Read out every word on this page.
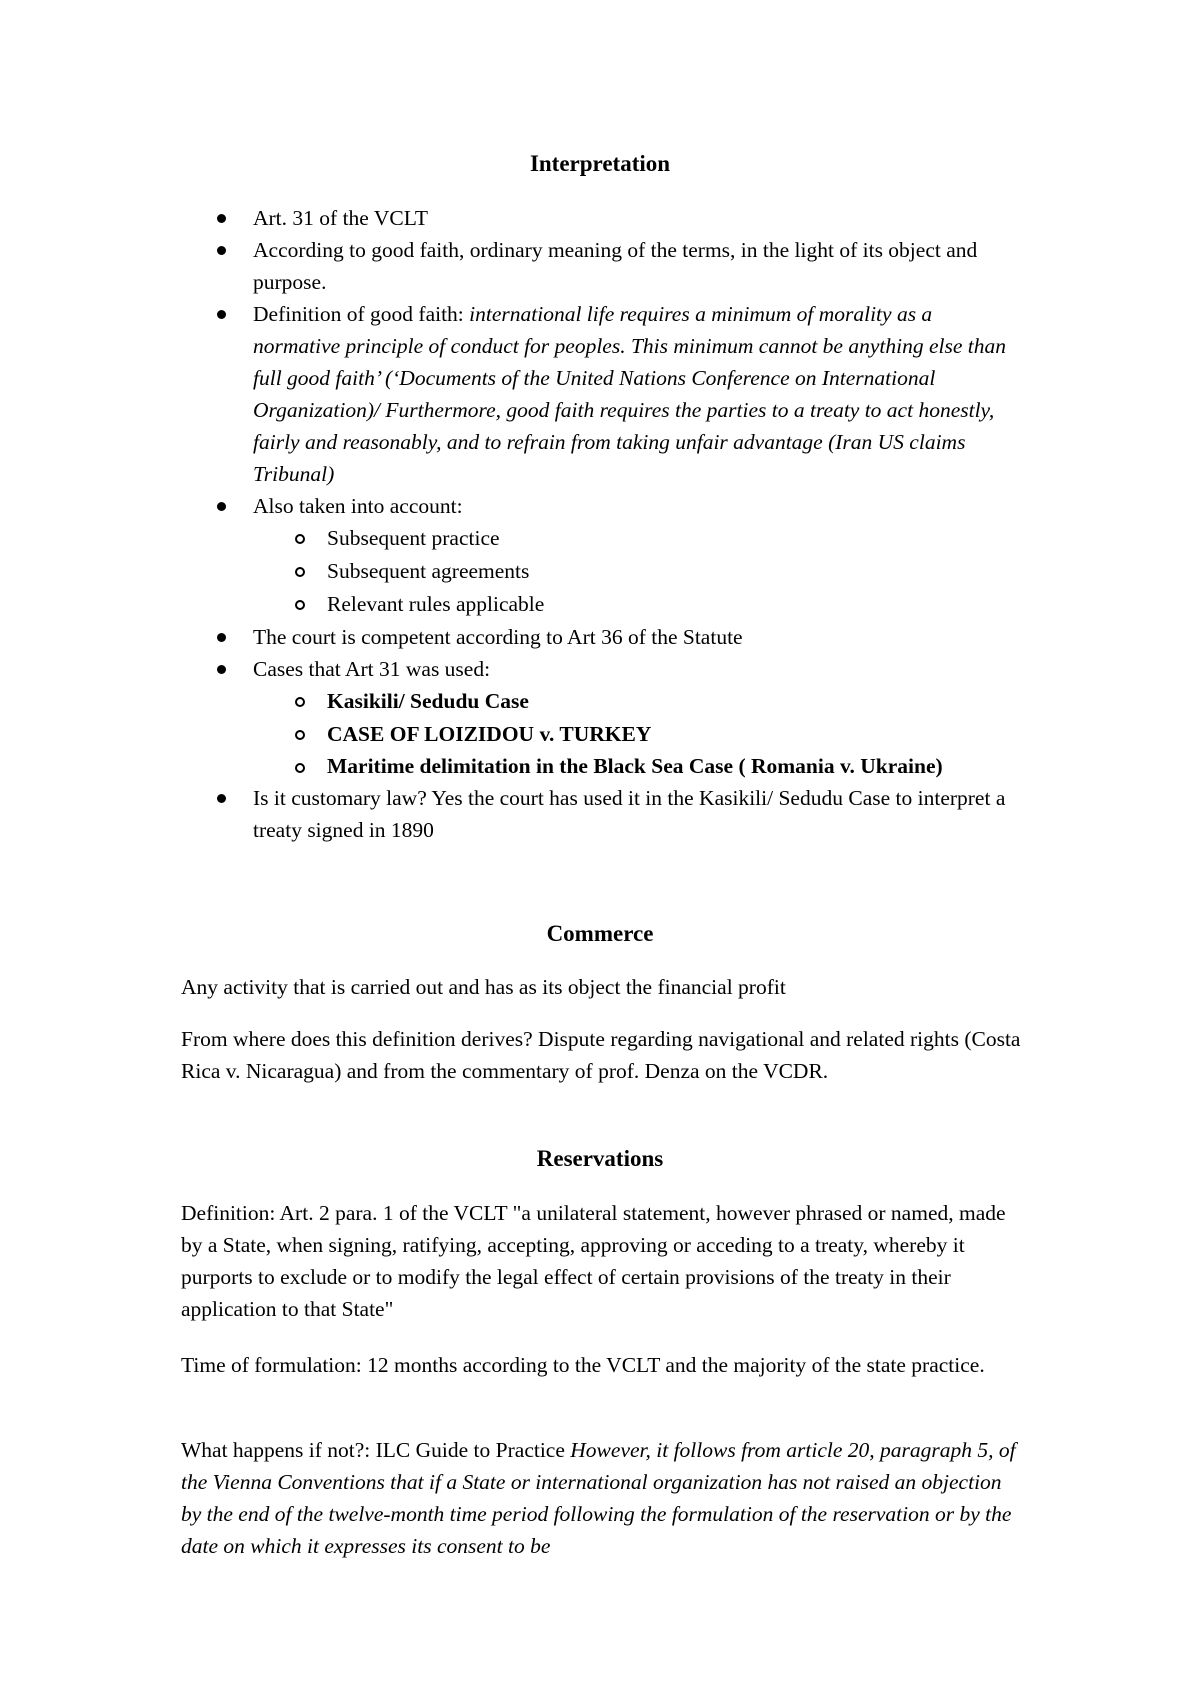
Interpretation
Art. 31 of the VCLT
According to good faith, ordinary meaning of the terms, in the light of its object and purpose.
Definition of good faith: international life requires a minimum of morality as a normative principle of conduct for peoples. This minimum cannot be anything else than full good faith’ (‘Documents of the United Nations Conference on International Organization)/ Furthermore, good faith requires the parties to a treaty to act honestly, fairly and reasonably, and to refrain from taking unfair advantage (Iran US claims Tribunal)
Also taken into account:
Subsequent practice
Subsequent agreements
Relevant rules applicable
The court is competent according to Art 36 of the Statute
Cases that Art 31 was used:
Kasikili/ Sedudu Case
CASE OF LOIZIDOU v. TURKEY
Maritime delimitation in the Black Sea Case ( Romania v. Ukraine)
Is it customary law? Yes the court has used it in the Kasikili/ Sedudu Case to interpret a treaty signed in 1890
Commerce

Any activity that is carried out and has as its object the financial profit

From where does this definition derives? Dispute regarding navigational and related rights (Costa Rica v. Nicaragua) and from the commentary of prof. Denza on the VCDR.

Reservations

Definition: Art. 2 para. 1 of the VCLT "a unilateral statement, however phrased or named, made by a State, when signing, ratifying, accepting, approving or acceding to a treaty, whereby it purports to exclude or to modify the legal effect of certain provisions of the treaty in their application to that State"

Time of formulation: 12 months according to the VCLT and the majority of the state practice.

What happens if not?: ILC Guide to Practice However, it follows from article 20, paragraph 5, of the Vienna Conventions that if a State or international organization has not raised an objection by the end of the twelve-month time period following the formulation of the reservation or by the date on which it expresses its consent to be
